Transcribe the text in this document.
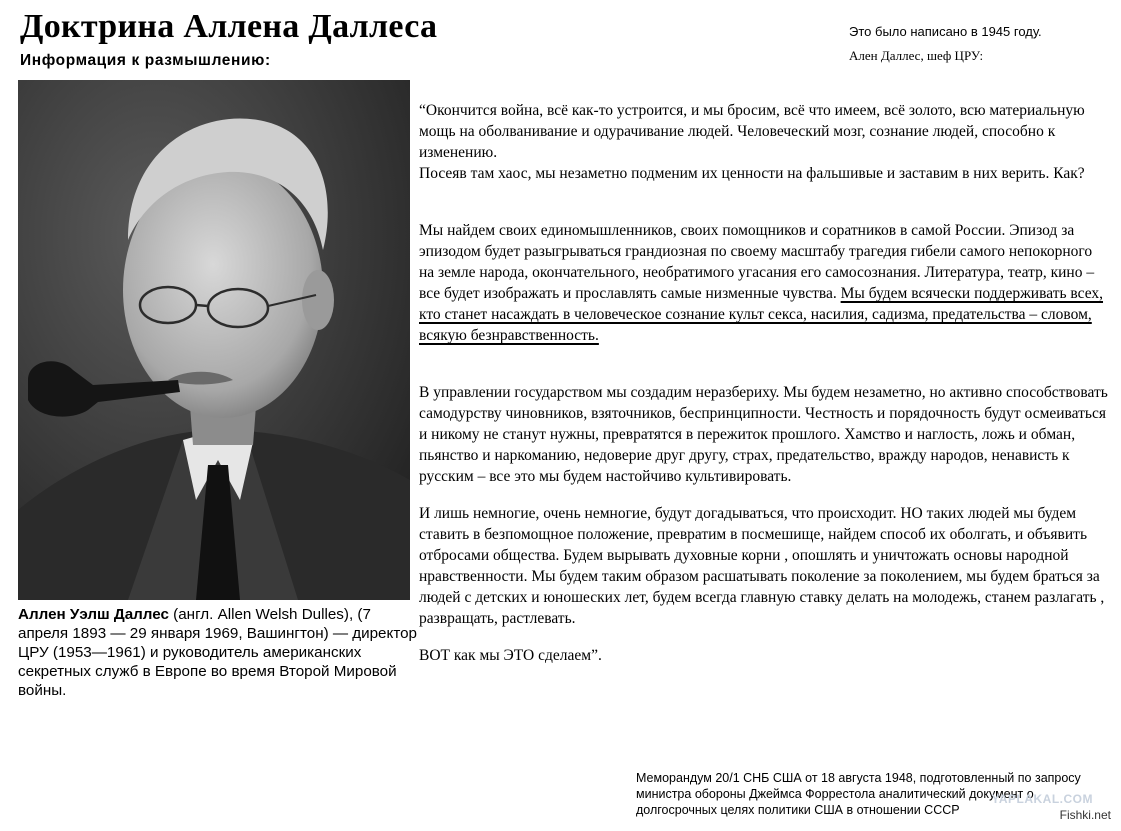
Доктрина Аллена Даллеса
Информация к размышлению:
Это было написано в 1945 году.
Ален Даллес, шеф ЦРУ:
Аллен Уэлш Даллес (англ. Allen Welsh Dulles), (7 апреля 1893 — 29 января 1969, Вашингтон) — директор ЦРУ (1953—1961) и руководитель американских секретных служб в Европе во время Второй Мировой войны.

“Окончится война, всё как-то устроится, и мы бросим, всё что имеем, всё золото, всю материальную мощь на оболванивание и одурачивание людей. Человеческий мозг, сознание людей, способно к изменению.
Посеяв там хаос, мы незаметно подменим их ценности на фальшивые и заставим в них верить. Как?

Мы найдем своих единомышленников, своих помощников и соратников в самой России. Эпизод за эпизодом будет разыгрываться грандиозная по своему масштабу трагедия гибели самого непокорного на земле народа, окончательного, необратимого угасания его самосознания. Литература, театр, кино – все будет изображать и прославлять самые низменные чувства. Мы будем всячески поддерживать всех, кто станет насаждать в человеческое сознание культ секса, насилия, садизма, предательства – словом, всякую безнравственность.

В управлении государством мы создадим неразбериху. Мы будем незаметно, но активно способствовать самодурству чиновников, взяточников, беспринципности. Честность и порядочность будут осмеиваться и никому не станут нужны, превратятся в пережиток прошлого. Хамство и наглость, ложь и обман, пьянство и наркоманию, недоверие друг другу, страх, предательство, вражду народов, ненависть к русским – все это мы будем настойчиво культивировать.

И лишь немногие, очень немногие, будут догадываться, что происходит. НО таких людей мы будем ставить в безпомощное положение, превратим в посмешище, найдем способ их оболгать, и объявить отбросами общества. Будем вырывать духовные корни , опошлять и уничтожать основы народной нравственности. Мы будем таким образом расшатывать поколение за поколением, мы будем браться за людей с детских и юношеских лет, будем всегда главную ставку делать на молодежь, станем разлагать , развращать, растлевать.

ВОТ как мы ЭТО сделаем”.

Меморандум 20/1 СНБ США от 18 августа 1948, подготовленный по запросу министра обороны Джеймса Форрестола аналитический документ о долгосрочных целях политики США в отношении СССР
YAPLAKAL.COM
Fishki.net
